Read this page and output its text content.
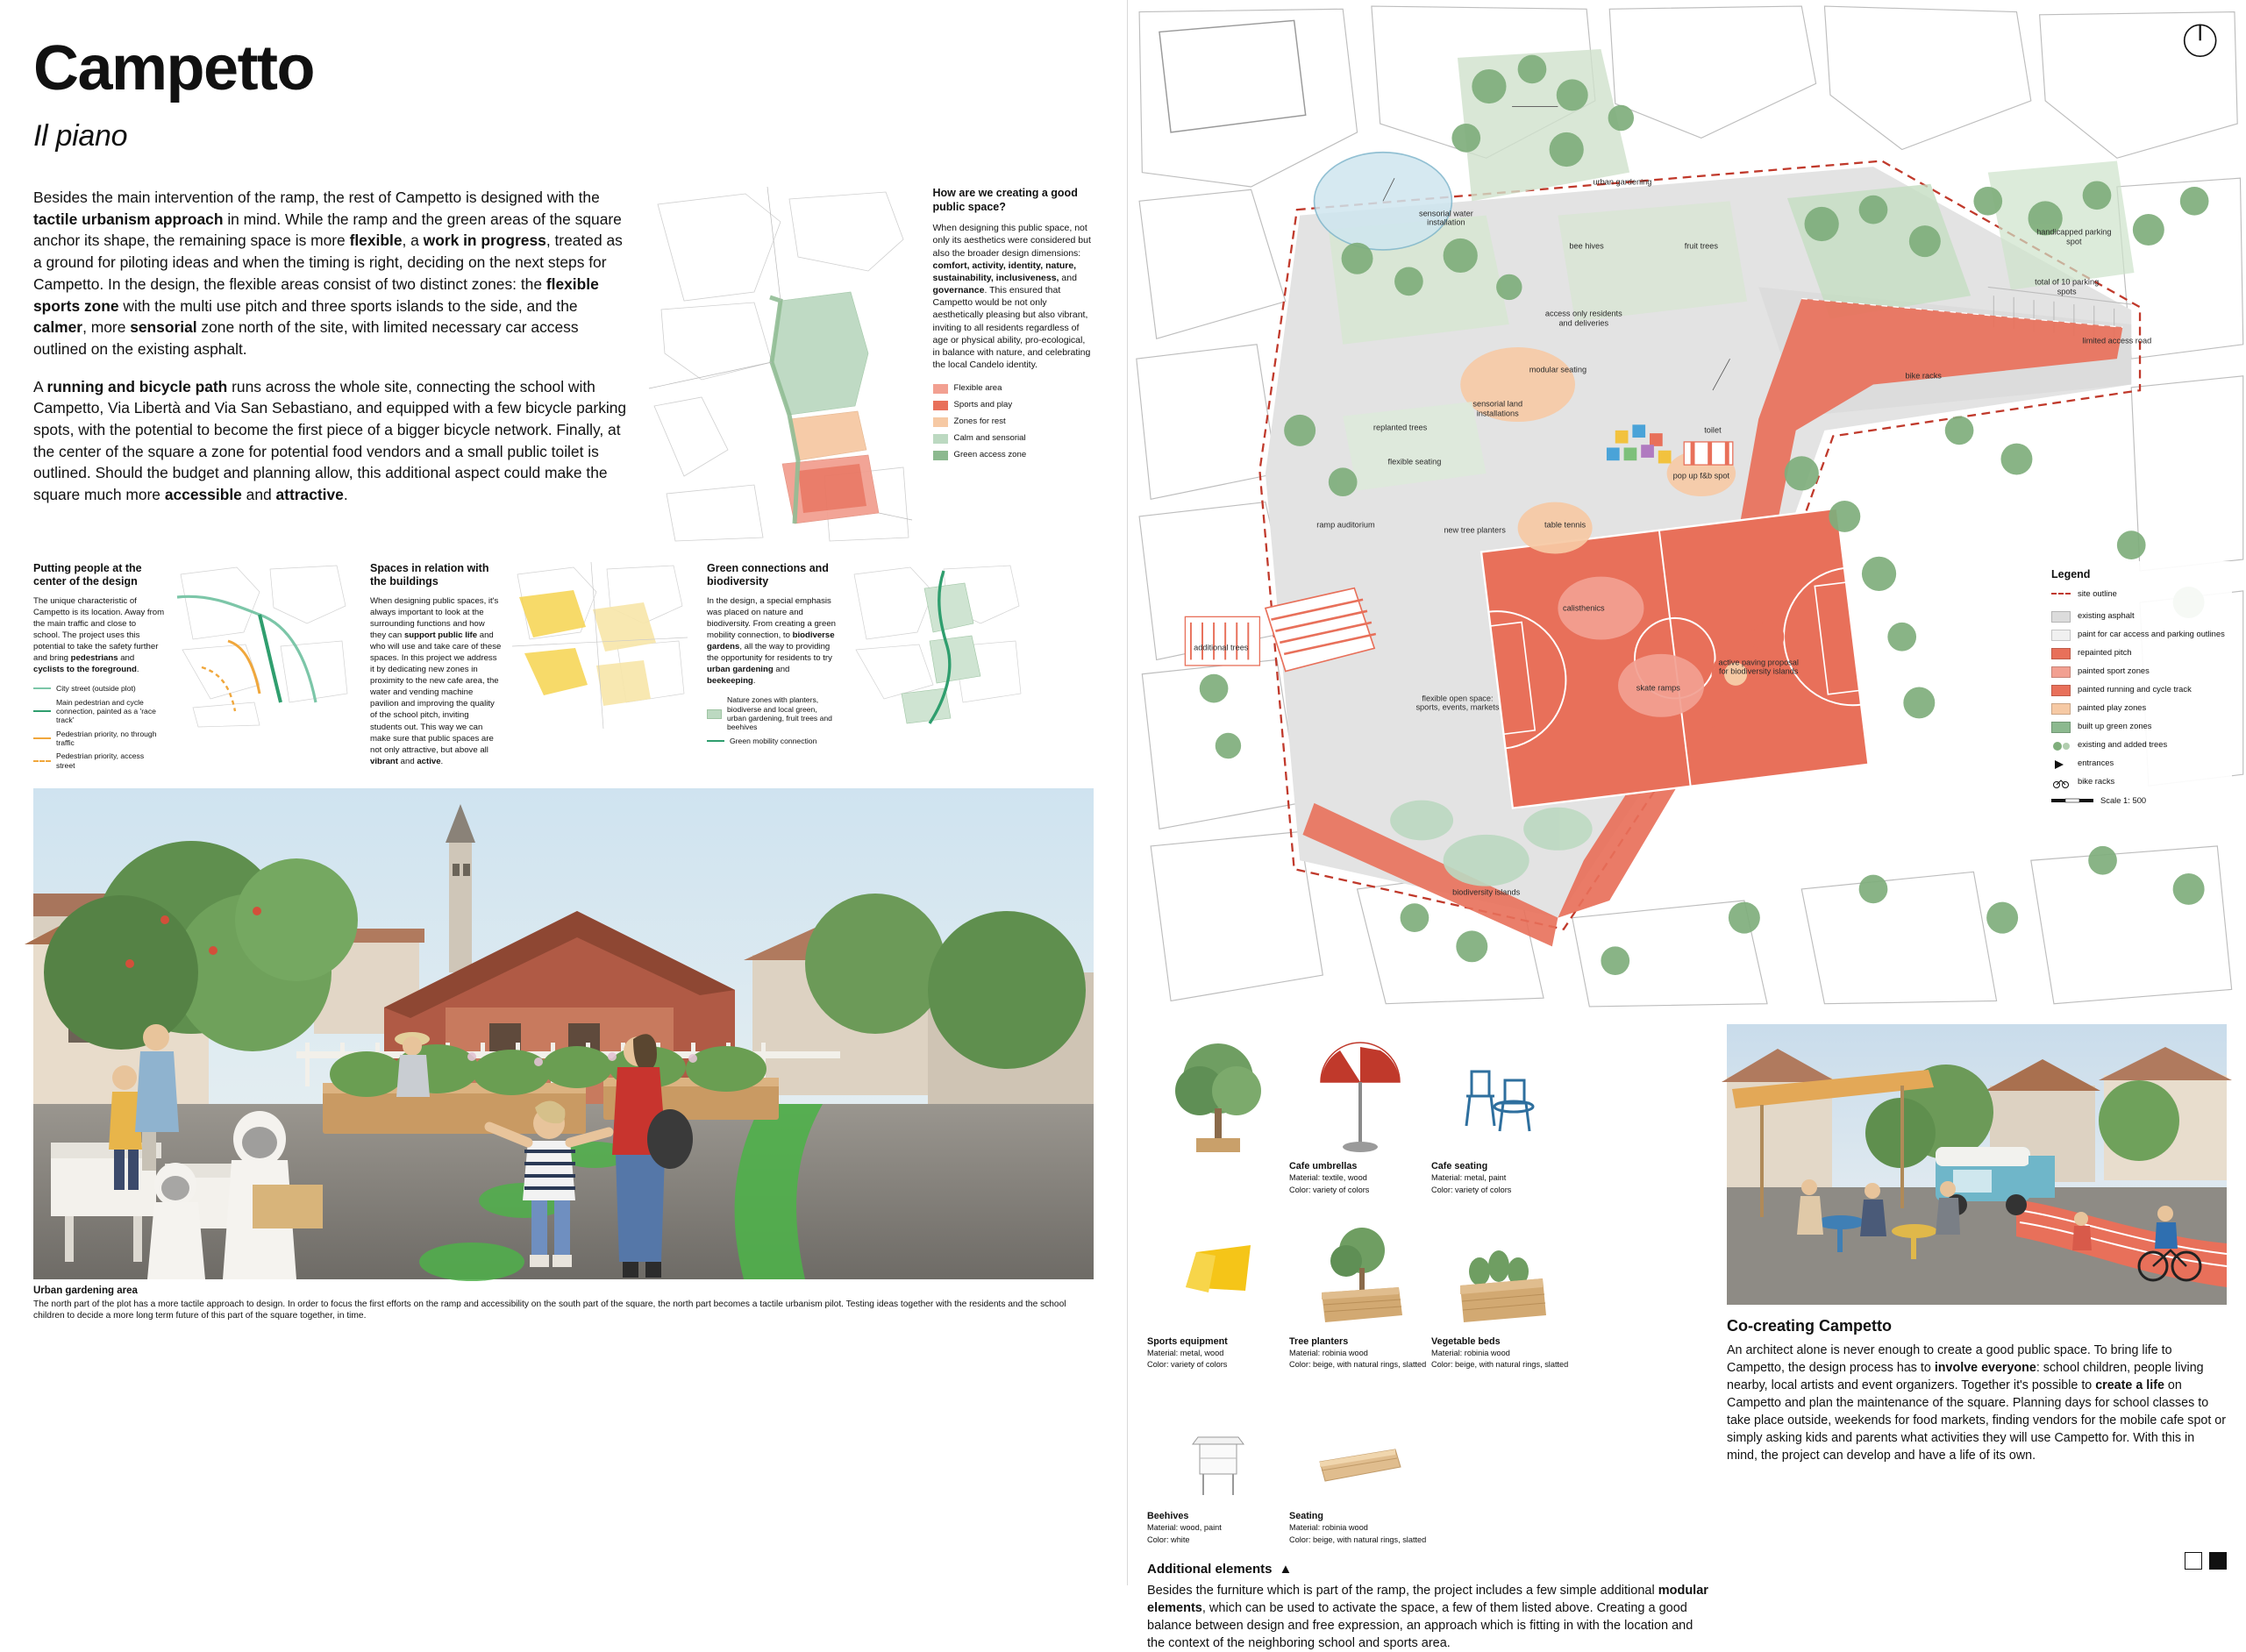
Campetto
Il piano

Besides the main intervention of the ramp, the rest of Campetto is designed with the tactile urbanism approach in mind. While the ramp and the green areas of the square anchor its shape, the remaining space is more flexible, a work in progress, treated as a ground for piloting ideas and when the timing is right, deciding on the next steps for Campetto. In the design, the flexible areas consist of two distinct zones: the flexible sports zone with the multi use pitch and three sports islands to the side, and the calmer, more sensorial zone north of the site, with limited necessary car access outlined on the existing asphalt.

A running and bicycle path runs across the whole site, connecting the school with Campetto, Via Libertà and Via San Sebastiano, and equipped with a few bicycle parking spots, with the potential to become the first piece of a bigger bicycle network. Finally, at the center of the square a zone for potential food vendors and a small public toilet is outlined. Should the budget and planning allow, this additional aspect could make the square much more accessible and attractive.

How are we creating a good public space?
When designing this public space, not only its aesthetics were considered but also the broader design dimensions: comfort, activity, identity, nature, sustainability, inclusiveness, and governance. This ensured that Campetto would be not only aesthetically pleasing but also vibrant, inviting to all residents regardless of age or physical ability, pro-ecological, in balance with nature, and celebrating the local Candelo identity.
Flexible area
Sports and play
Zones for rest
Calm and sensorial
Green access zone
Putting people at the center of the design
The unique characteristic of Campetto is its location. Away from the main traffic and close to school. The project uses this potential to take the safety further and bring pedestrians and cyclists to the foreground.
City street (outside plot)
Main pedestrian and cycle connection, painted as a 'race track'
Pedestrian priority, no through traffic
Pedestrian priority, access street
Spaces in relation with the buildings
When designing public spaces, it's always important to look at the surrounding functions and how they can support public life and who will use and take care of these spaces. In this project we address it by dedicating new zones in proximity to the new cafe area, the water and vending machine pavilion and improving the quality of the school pitch, inviting students out. This way we can make sure that public spaces are not only attractive, but above all vibrant and active.
Green connections and biodiversity
In the design, a special emphasis was placed on nature and biodiversity. From creating a green mobility connection, to biodiverse gardens, all the way to providing the opportunity for residents to try urban gardening and beekeeping.
Nature zones with planters, biodiverse and local green, urban gardening, fruit trees and beehives
Green mobility connection
Urban gardening area
The north part of the plot has a more tactile approach to design. In order to focus the first efforts on the ramp and accessibility on the south part of the square, the north part becomes a tactile urbanism pilot. Testing ideas together with the residents and the school children to decide a more long term future of this part of the square together, in time.
sensorial water installation
urban gardening
bee hives	fruit trees
handicapped parking spot
total of 10 parking spots
limited access road
access only residents and deliveries
bike racks
modular seating
sensorial land installations
replanted trees	toilet
flexible seating
pop up f&b spot
ramp auditorium
new tree planters
table tennis
additional trees
calisthenics
skate ramps
active paving proposal for biodiversity islands
flexible open space: sports, events, markets
biodiversity islands
Legend
site outline
existing asphalt
paint for car access and parking outlines
repainted pitch
painted sport zones
painted running and cycle track
painted play zones
built up green zones
existing and added trees
entrances
bike racks
Scale 1: 500
Cafe umbrellas

Material: textile, wood

Color: variety of colors

Cafe seating

Material: metal, paint

Color: variety of colors

Sports equipment

Material: metal, wood

Color: variety of colors

Tree planters

Material: robinia wood

Color: beige, with natural rings, slatted

Vegetable beds

Material: robinia wood

Color: beige, with natural rings, slatted

Beehives

Material: wood, paint

Color: white

Seating

Material: robinia wood

Color: beige, with natural rings, slatted

Additional elements ▲

Besides the furniture which is part of the ramp, the project includes a few simple additional modular elements, which can be used to activate the space, a few of them listed above. Creating a good balance between design and free expression, an approach which is fitting in with the location and the context of the neighboring school and sports area.

Co-creating Campetto

An architect alone is never enough to create a good public space. To bring life to Campetto, the design process has to involve everyone: school children, people living nearby, local artists and event organizers. Together it's possible to create a life on Campetto and plan the maintenance of the square. Planning days for school classes to take place outside, weekends for food markets, finding vendors for the mobile cafe spot or simply asking kids and parents what activities they will use Campetto for. With this in mind, the project can develop and have a life of its own.
